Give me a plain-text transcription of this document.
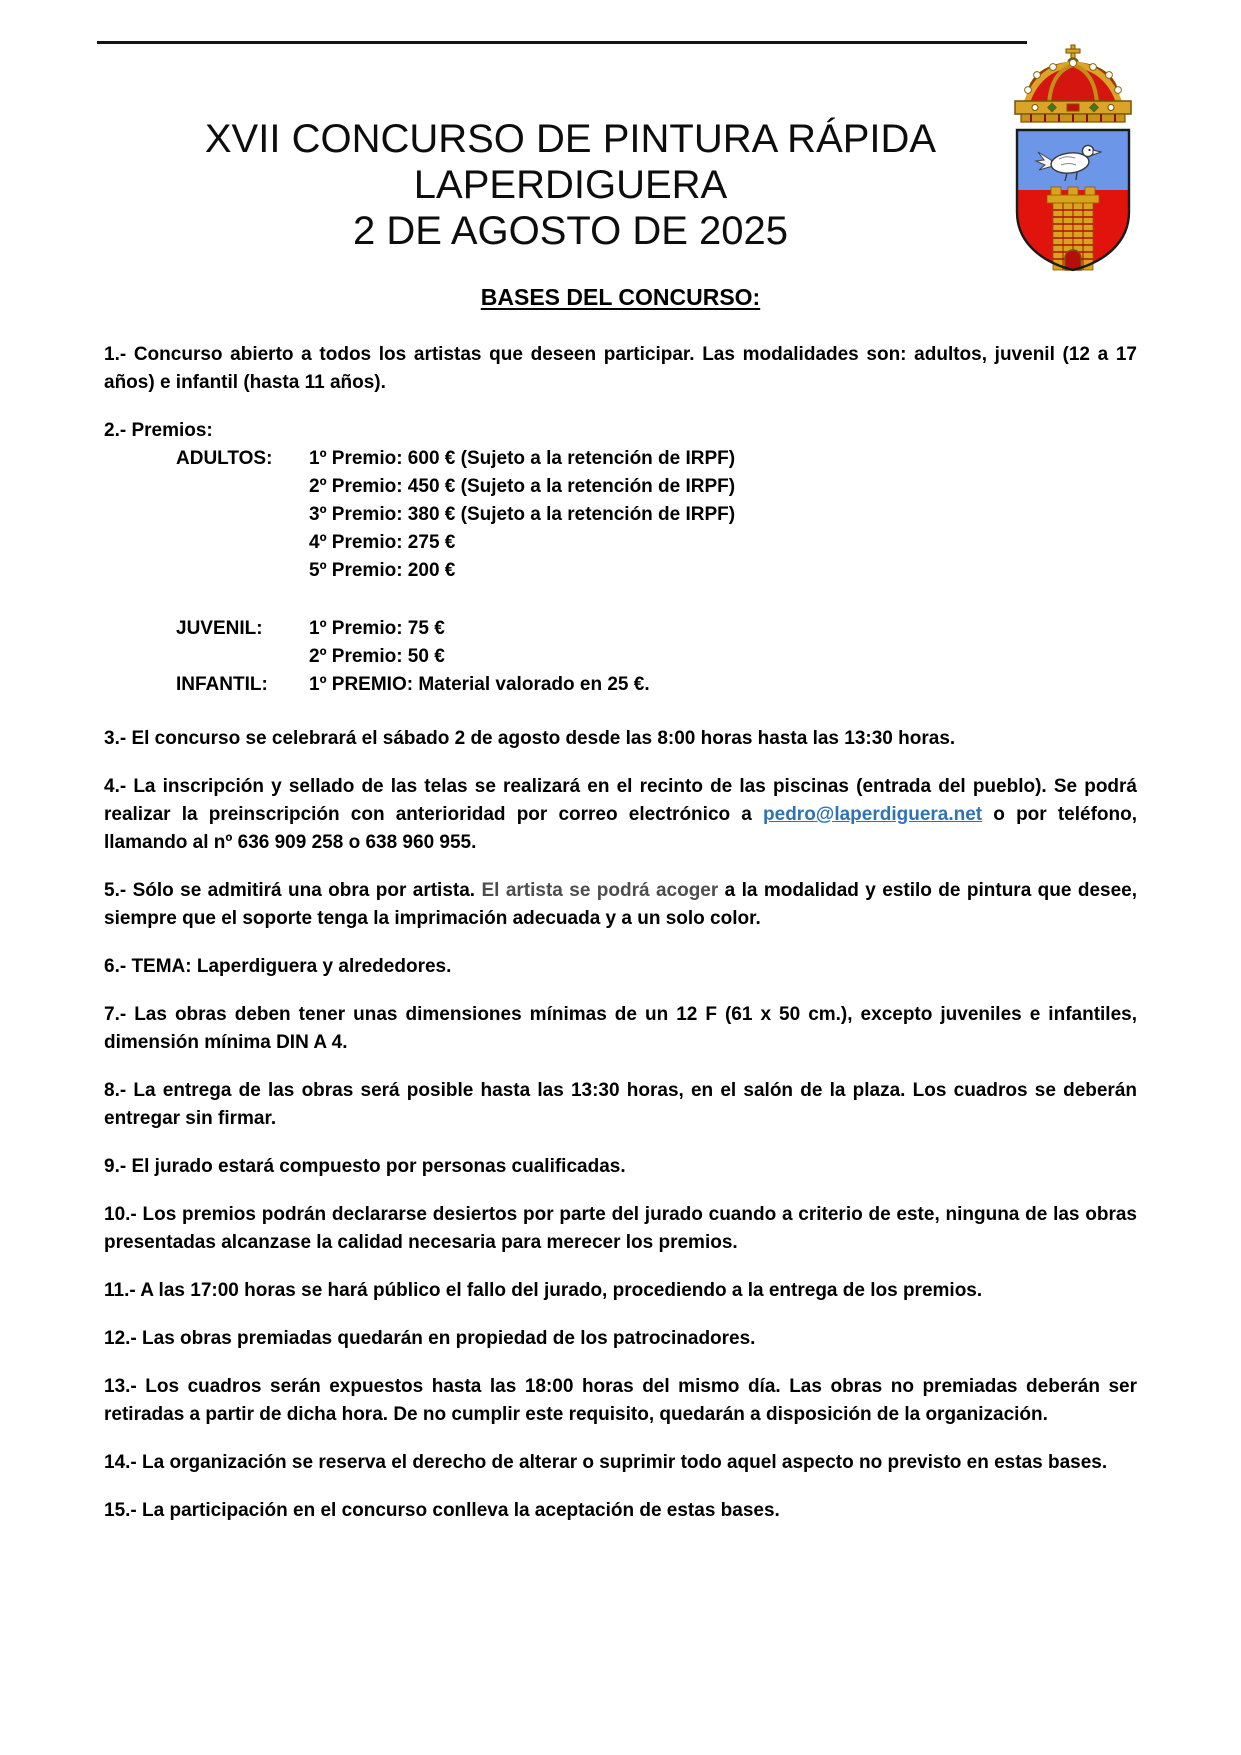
XVII CONCURSO DE PINTURA RÁPIDA
LAPERDIGUERA
2 DE AGOSTO DE 2025
BASES DEL CONCURSO:

1.- Concurso abierto a todos los artistas que deseen participar. Las modalidades son: adultos, juvenil (12 a 17 años) e infantil (hasta 11 años).

2.- Premios:

ADULTOS:	1º Premio: 600 € (Sujeto a la retención de IRPF)
2º Premio: 450 € (Sujeto a la retención de IRPF)
3º Premio: 380 € (Sujeto a la retención de IRPF)
4º Premio: 275 €
5º Premio: 200 €
JUVENIL:	1º Premio: 75 €
2º Premio: 50 €
INFANTIL:	1º PREMIO: Material valorado en 25 €.

3.- El concurso se celebrará el sábado 2 de agosto desde las 8:00 horas hasta las 13:30 horas.

4.- La inscripción y sellado de las telas se realizará en el recinto de las piscinas (entrada del pueblo). Se podrá realizar la preinscripción con anterioridad por correo electrónico a pedro@laperdiguera.net o por teléfono, llamando al nº 636 909 258 o 638 960 955.

5.- Sólo se admitirá una obra por artista. El artista se podrá acoger a la modalidad y estilo de pintura que desee, siempre que el soporte tenga la imprimación adecuada y a un solo color.

6.- TEMA: Laperdiguera y alrededores.

7.- Las obras deben tener unas dimensiones mínimas de un 12 F (61 x 50 cm.), excepto juveniles e infantiles, dimensión mínima DIN A 4.

8.- La entrega de las obras será posible hasta las 13:30 horas, en el salón de la plaza. Los cuadros se deberán entregar sin firmar.

9.- El jurado estará compuesto por personas cualificadas.

10.- Los premios podrán declararse desiertos por parte del jurado cuando a criterio de este, ninguna de las obras presentadas alcanzase la calidad necesaria para merecer los premios.

11.- A las 17:00 horas se hará público el fallo del jurado, procediendo a la entrega de los premios.

12.- Las obras premiadas quedarán en propiedad de los patrocinadores.

13.- Los cuadros serán expuestos hasta las 18:00 horas del mismo día. Las obras no premiadas deberán ser retiradas a partir de dicha hora. De no cumplir este requisito, quedarán a disposición de la organización.

14.- La organización se reserva el derecho de alterar o suprimir todo aquel aspecto no previsto en estas bases.

15.- La participación en el concurso conlleva la aceptación de estas bases.
